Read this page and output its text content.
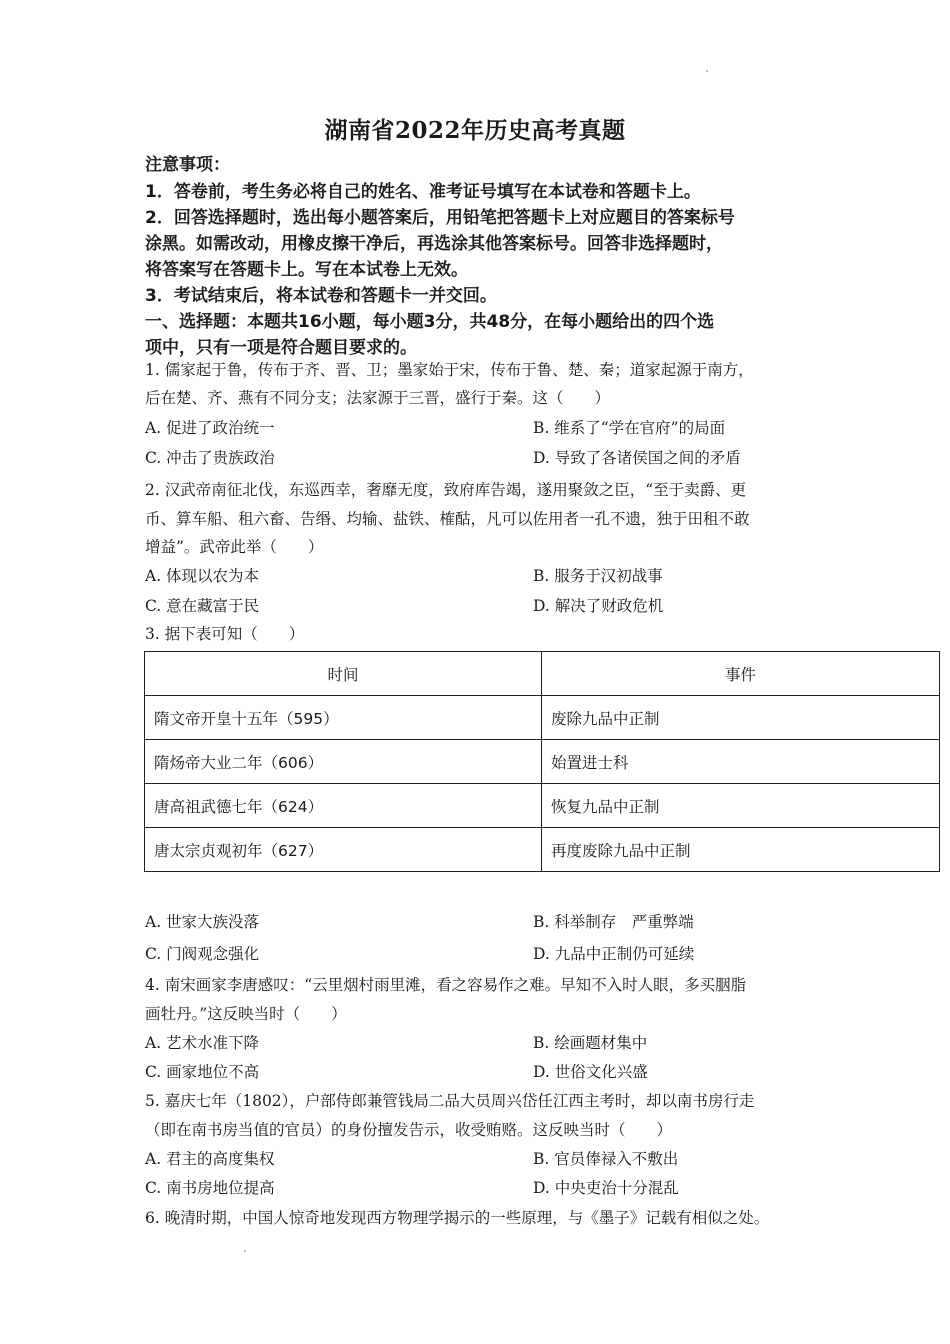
湖南省2022年历史高考真题
注意事项：
1．答卷前，考生务必将自己的姓名、准考证号填写在本试卷和答题卡上。
2．回答选择题时，选出每小题答案后，用铅笔把答题卡上对应题目的答案标号
涂黑。如需改动，用橡皮擦干净后，再选涂其他答案标号。回答非选择题时，
将答案写在答题卡上。写在本试卷上无效。
3．考试结束后，将本试卷和答题卡一并交回。
一、选择题：本题共16小题，每小题3分，共48分，在每小题给出的四个选
项中，只有一项是符合题目要求的。
1. 儒家起于鲁，传布于齐、晋、卫；墨家始于宋，传布于鲁、楚、秦；道家起源于南方，
后在楚、齐、燕有不同分支；法家源于三晋，盛行于秦。这（　　）
A. 促进了政治统一	B. 维系了“学在官府”的局面
C. 冲击了贵族政治	D. 导致了各诸侯国之间的矛盾
2. 汉武帝南征北伐，东巡西幸，奢靡无度，致府库告竭，遂用聚敛之臣，“至于卖爵、更
币、算车船、租六畜、告缗、均输、盐铁、榷酤，凡可以佐用者一孔不遗，独于田租不敢
增益”。武帝此举（　　）
A. 体现以农为本	B. 服务于汉初战事
C. 意在藏富于民	D. 解决了财政危机
3. 据下表可知（　　）
时间	事件
隋文帝开皇十五年（595）	废除九品中正制
隋炀帝大业二年（606）	始置进士科
唐高祖武德七年（624）	恢复九品中正制
唐太宗贞观初年（627）	再度废除九品中正制
A. 世家大族没落	B. 科举制存　严重弊端
C. 门阀观念强化	D. 九品中正制仍可延续
4. 南宋画家李唐感叹：“云里烟村雨里滩，看之容易作之难。早知不入时人眼，多买胭脂
画牡丹。”这反映当时（　　）
A. 艺术水准下降	B. 绘画题材集中
C. 画家地位不高	D. 世俗文化兴盛
5. 嘉庆七年（1802），户部侍郎兼管钱局二品大员周兴岱任江西主考时，却以南书房行走
（即在南书房当值的官员）的身份擅发告示，收受贿赂。这反映当时（　　）
A. 君主的高度集权	B. 官员俸禄入不敷出
C. 南书房地位提高	D. 中央吏治十分混乱
6. 晚清时期，中国人惊奇地发现西方物理学揭示的一些原理，与《墨子》记载有相似之处。
